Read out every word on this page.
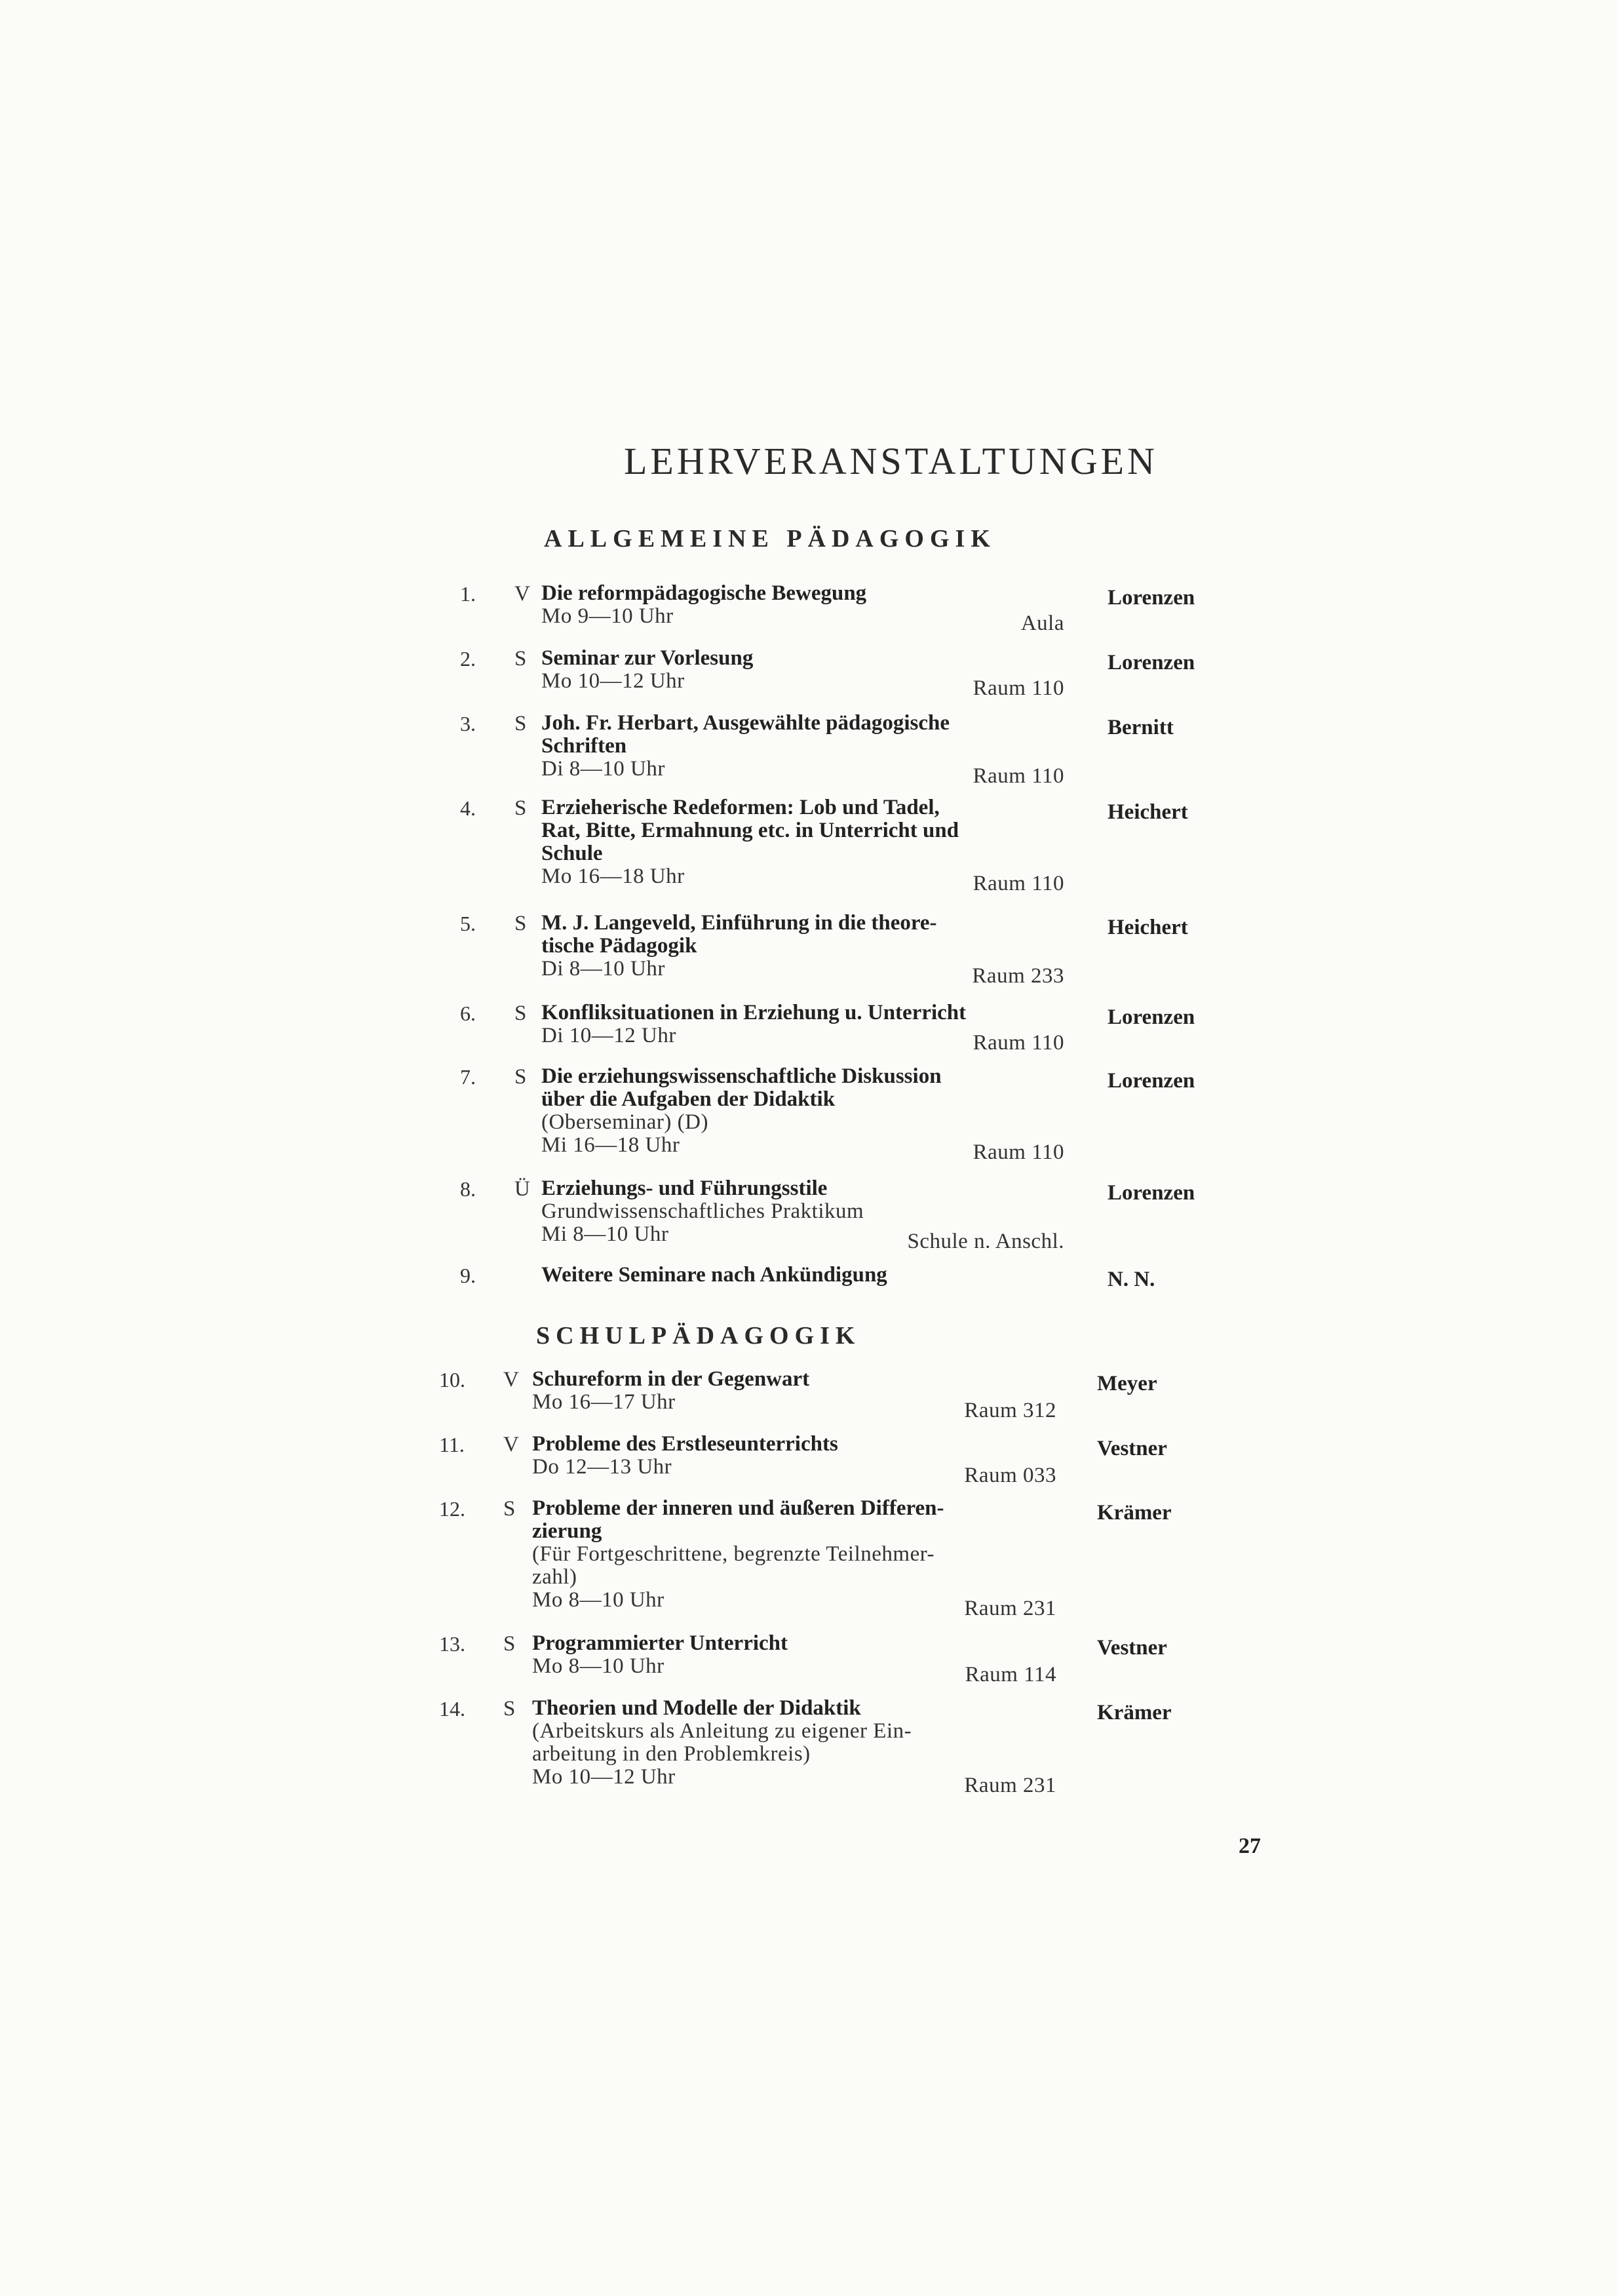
LEHRVERANSTALTUNGEN
ALLGEMEINE PÄDAGOGIK
SCHULPÄDAGOGIK
1. V Die reformpädagogische Bewegung
Mo 9—10 Uhr	Aula
Lorenzen
2. S Seminar zur Vorlesung
Mo 10—12 Uhr	Raum 110
Lorenzen
3. S Joh. Fr. Herbart, Ausgewählte pädagogische
Schriften
Di 8—10 Uhr	Raum 110
Bernitt
4. S Erzieherische Redeformen: Lob und Tadel,
Rat, Bitte, Ermahnung etc. in Unterricht und
Schule
Mo 16—18 Uhr	Raum 110
Heichert
5. S M. J. Langeveld, Einführung in die theore-
tische Pädagogik
Di 8—10 Uhr	Raum 233
Heichert
6. S Konfliksituationen in Erziehung u. Unterricht
Di 10—12 Uhr	Raum 110
Lorenzen
7. S Die erziehungswissenschaftliche Diskussion
über die Aufgaben der Didaktik
(Oberseminar) (D)
Mi 16—18 Uhr	Raum 110
Lorenzen
8. Ü Erziehungs- und Führungsstile
Grundwissenschaftliches Praktikum
Mi 8—10 Uhr	Schule n. Anschl.
Lorenzen
9.	Weitere Seminare nach Ankündigung	N. N.
10. V Schureform in der Gegenwart
Mo 16—17 Uhr	Raum 312
Meyer
11. V Probleme des Erstleseunterrichts
Do 12—13 Uhr	Raum 033
Vestner
12. S Probleme der inneren und äußeren Differen-
zierung
(Für Fortgeschrittene, begrenzte Teilnehmer-
zahl)
Mo 8—10 Uhr	Raum 231
Krämer
13. S Programmierter Unterricht
Mo 8—10 Uhr	Raum 114
Vestner
14. S Theorien und Modelle der Didaktik
(Arbeitskurs als Anleitung zu eigener Ein-
arbeitung in den Problemkreis)
Mo 10—12 Uhr	Raum 231
Krämer
27
